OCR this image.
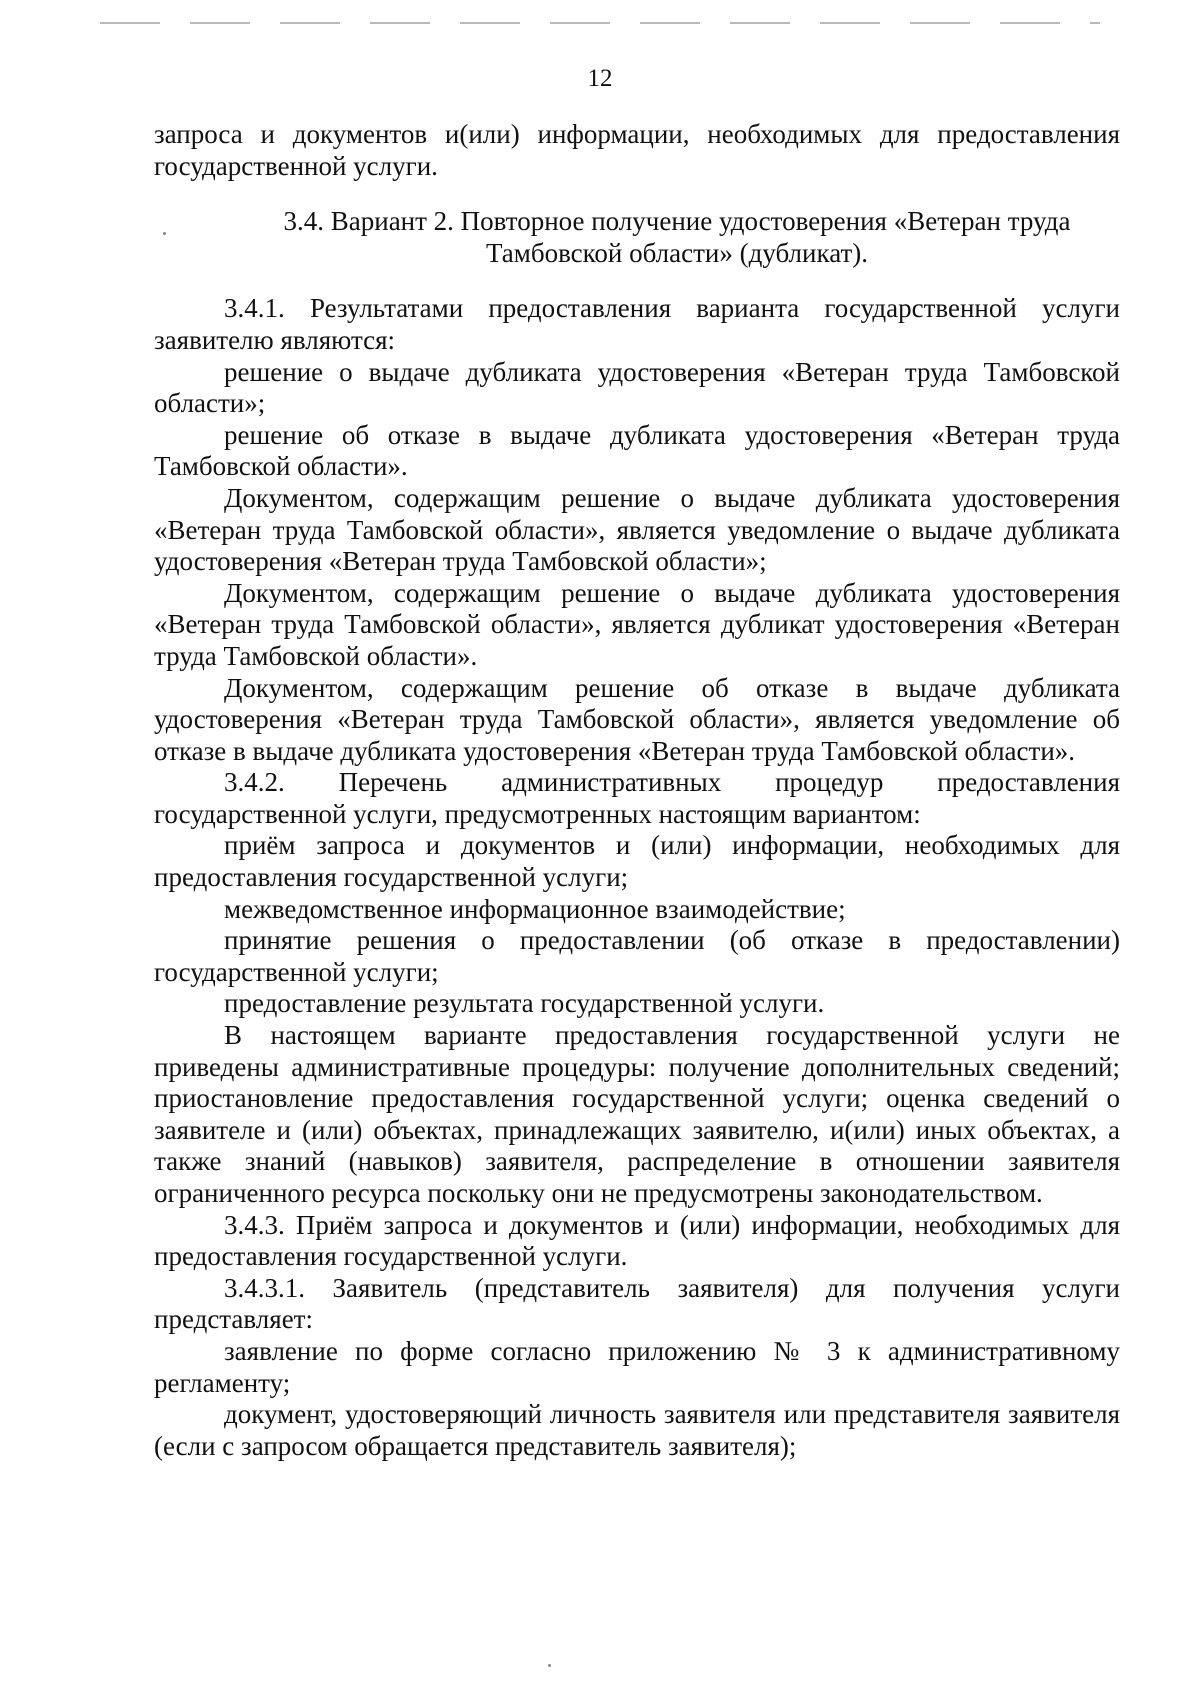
12

запроса и документов и(или) информации, необходимых для предоставления государственной услуги.

3.4. Вариант 2. Повторное получение удостоверения «Ветеран труда Тамбовской области» (дубликат).

3.4.1. Результатами предоставления варианта государственной услуги заявителю являются:

решение о выдаче дубликата удостоверения «Ветеран труда Тамбовской области»;

решение об отказе в выдаче дубликата удостоверения «Ветеран труда Тамбовской области».

Документом, содержащим решение о выдаче дубликата удостоверения «Ветеран труда Тамбовской области», является уведомление о выдаче дубликата удостоверения «Ветеран труда Тамбовской области»;

Документом, содержащим решение о выдаче дубликата удостоверения «Ветеран труда Тамбовской области», является дубликат удостоверения «Ветеран труда Тамбовской области».

Документом, содержащим решение об отказе в выдаче дубликата удостоверения «Ветеран труда Тамбовской области», является уведомление об отказе в выдаче дубликата удостоверения «Ветеран труда Тамбовской области».

3.4.2. Перечень административных процедур предоставления государственной услуги, предусмотренных настоящим вариантом:

приём запроса и документов и (или) информации, необходимых для предоставления государственной услуги;

межведомственное информационное взаимодействие;

принятие решения о предоставлении (об отказе в предоставлении) государственной услуги;

предоставление результата государственной услуги.

В настоящем варианте предоставления государственной услуги не приведены административные процедуры: получение дополнительных сведений; приостановление предоставления государственной услуги; оценка сведений о заявителе и (или) объектах, принадлежащих заявителю, и(или) иных объектах, а также знаний (навыков) заявителя, распределение в отношении заявителя ограниченного ресурса поскольку они не предусмотрены законодательством.

3.4.3. Приём запроса и документов и (или) информации, необходимых для предоставления государственной услуги.

3.4.3.1. Заявитель (представитель заявителя) для получения услуги представляет:

заявление по форме согласно приложению № 3 к административному регламенту;

документ, удостоверяющий личность заявителя или представителя заявителя (если с запросом обращается представитель заявителя);
